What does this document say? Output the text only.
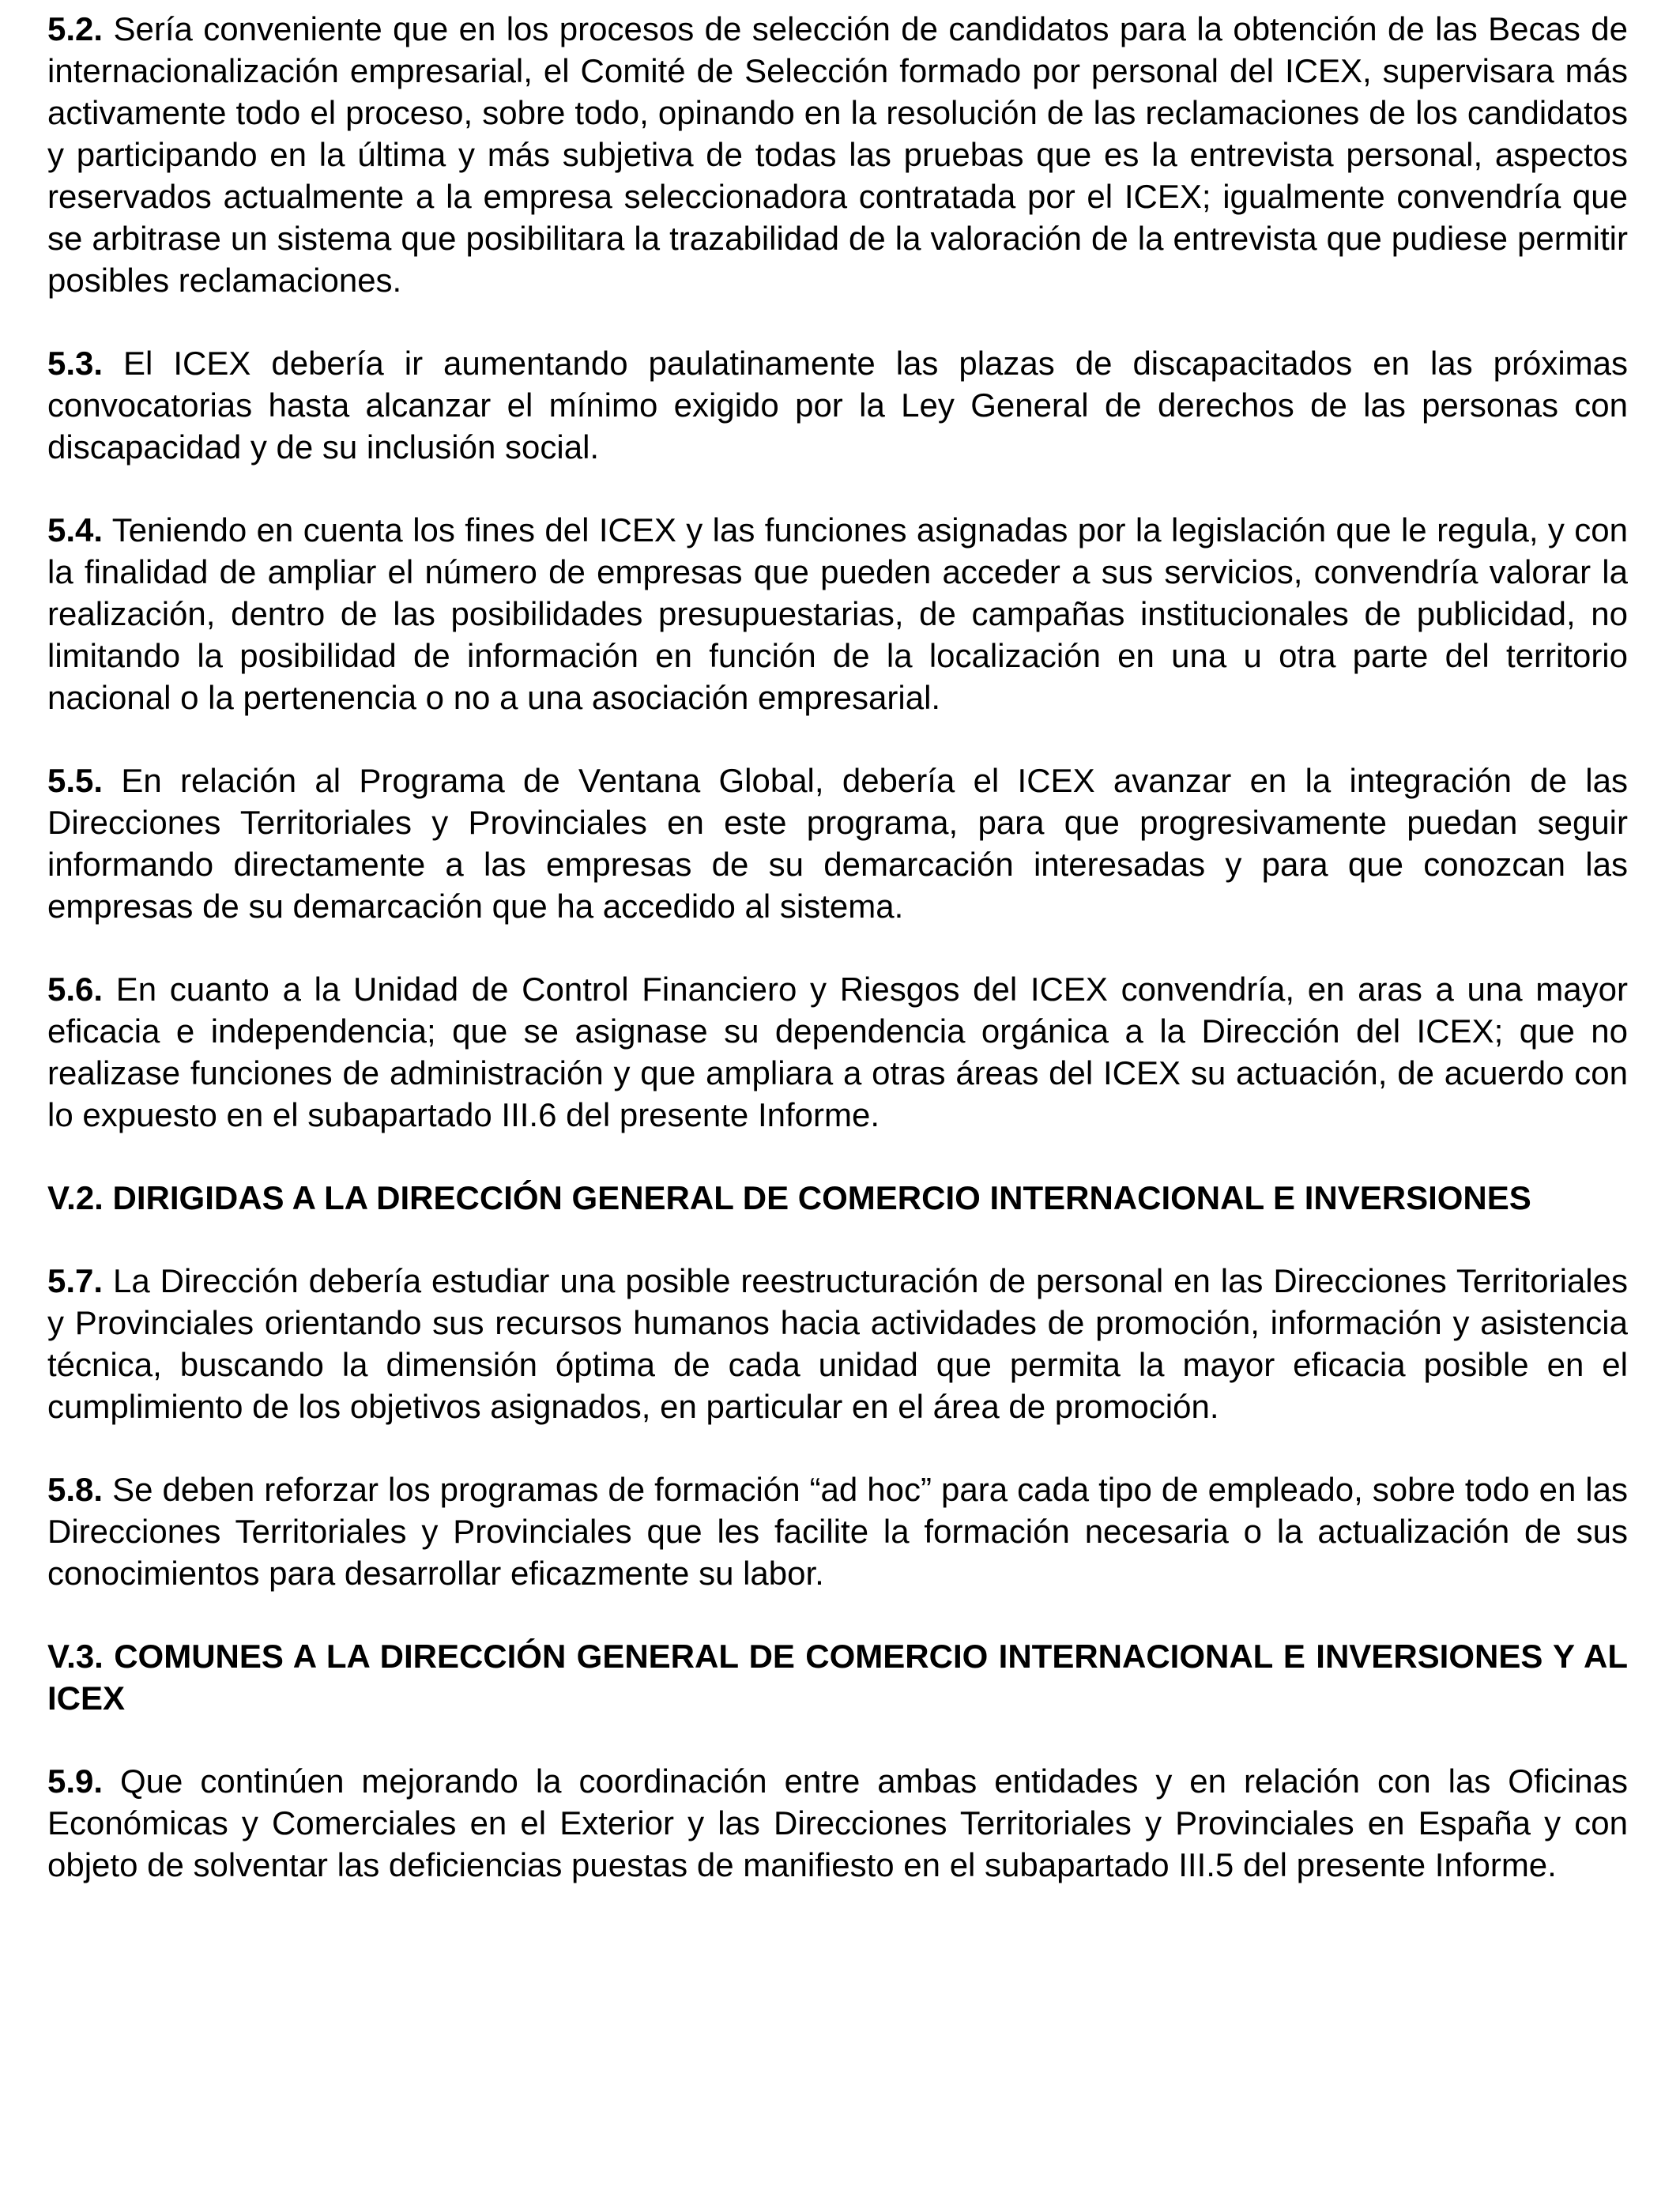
5.2. Sería conveniente que en los procesos de selección de candidatos para la obtención de las Becas de internacionalización empresarial, el Comité de Selección formado por personal del ICEX, supervisara más activamente todo el proceso, sobre todo, opinando en la resolución de las reclamaciones de los candidatos y participando en la última y más subjetiva de todas las pruebas que es la entrevista personal, aspectos reservados actualmente a la empresa seleccionadora contratada por el ICEX; igualmente convendría que se arbitrase un sistema que posibilitara la trazabilidad de la valoración de la entrevista que pudiese permitir posibles reclamaciones.

5.3. El ICEX debería ir aumentando paulatinamente las plazas de discapacitados en las próximas convocatorias hasta alcanzar el mínimo exigido por la Ley General de derechos de las personas con discapacidad y de su inclusión social.

5.4. Teniendo en cuenta los fines del ICEX y las funciones asignadas por la legislación que le regula, y con la finalidad de ampliar el número de empresas que pueden acceder a sus servicios, convendría valorar la realización, dentro de las posibilidades presupuestarias, de campañas institucionales de publicidad, no limitando la posibilidad de información en función de la localización en una u otra parte del territorio nacional o la pertenencia o no a una asociación empresarial.

5.5. En relación al Programa de Ventana Global, debería el ICEX avanzar en la integración de las Direcciones Territoriales y Provinciales en este programa, para que progresivamente puedan seguir informando directamente a las empresas de su demarcación interesadas y para que conozcan las empresas de su demarcación que ha accedido al sistema.

5.6. En cuanto a la Unidad de Control Financiero y Riesgos del ICEX convendría, en aras a una mayor eficacia e independencia; que se asignase su dependencia orgánica a la Dirección del ICEX; que no realizase funciones de administración y que ampliara a otras áreas del ICEX su actuación, de acuerdo con lo expuesto en el subapartado III.6 del presente Informe.

V.2. DIRIGIDAS A LA DIRECCIÓN GENERAL DE COMERCIO INTERNACIONAL E INVERSIONES

5.7. La Dirección debería estudiar una posible reestructuración de personal en las Direcciones Territoriales y Provinciales orientando sus recursos humanos hacia actividades de promoción, información y asistencia técnica, buscando la dimensión óptima de cada unidad que permita la mayor eficacia posible en el cumplimiento de los objetivos asignados, en particular en el área de promoción.

5.8. Se deben reforzar los programas de formación “ad hoc” para cada tipo de empleado, sobre todo en las Direcciones Territoriales y Provinciales que les facilite la formación necesaria o la actualización de sus conocimientos para desarrollar eficazmente su labor.

V.3. COMUNES A LA DIRECCIÓN GENERAL DE COMERCIO INTERNACIONAL E INVERSIONES Y AL ICEX

5.9. Que continúen mejorando la coordinación entre ambas entidades y en relación con las Oficinas Económicas y Comerciales en el Exterior y las Direcciones Territoriales y Provinciales en España y con objeto de solventar las deficiencias puestas de manifiesto en el subapartado III.5 del presente Informe.
